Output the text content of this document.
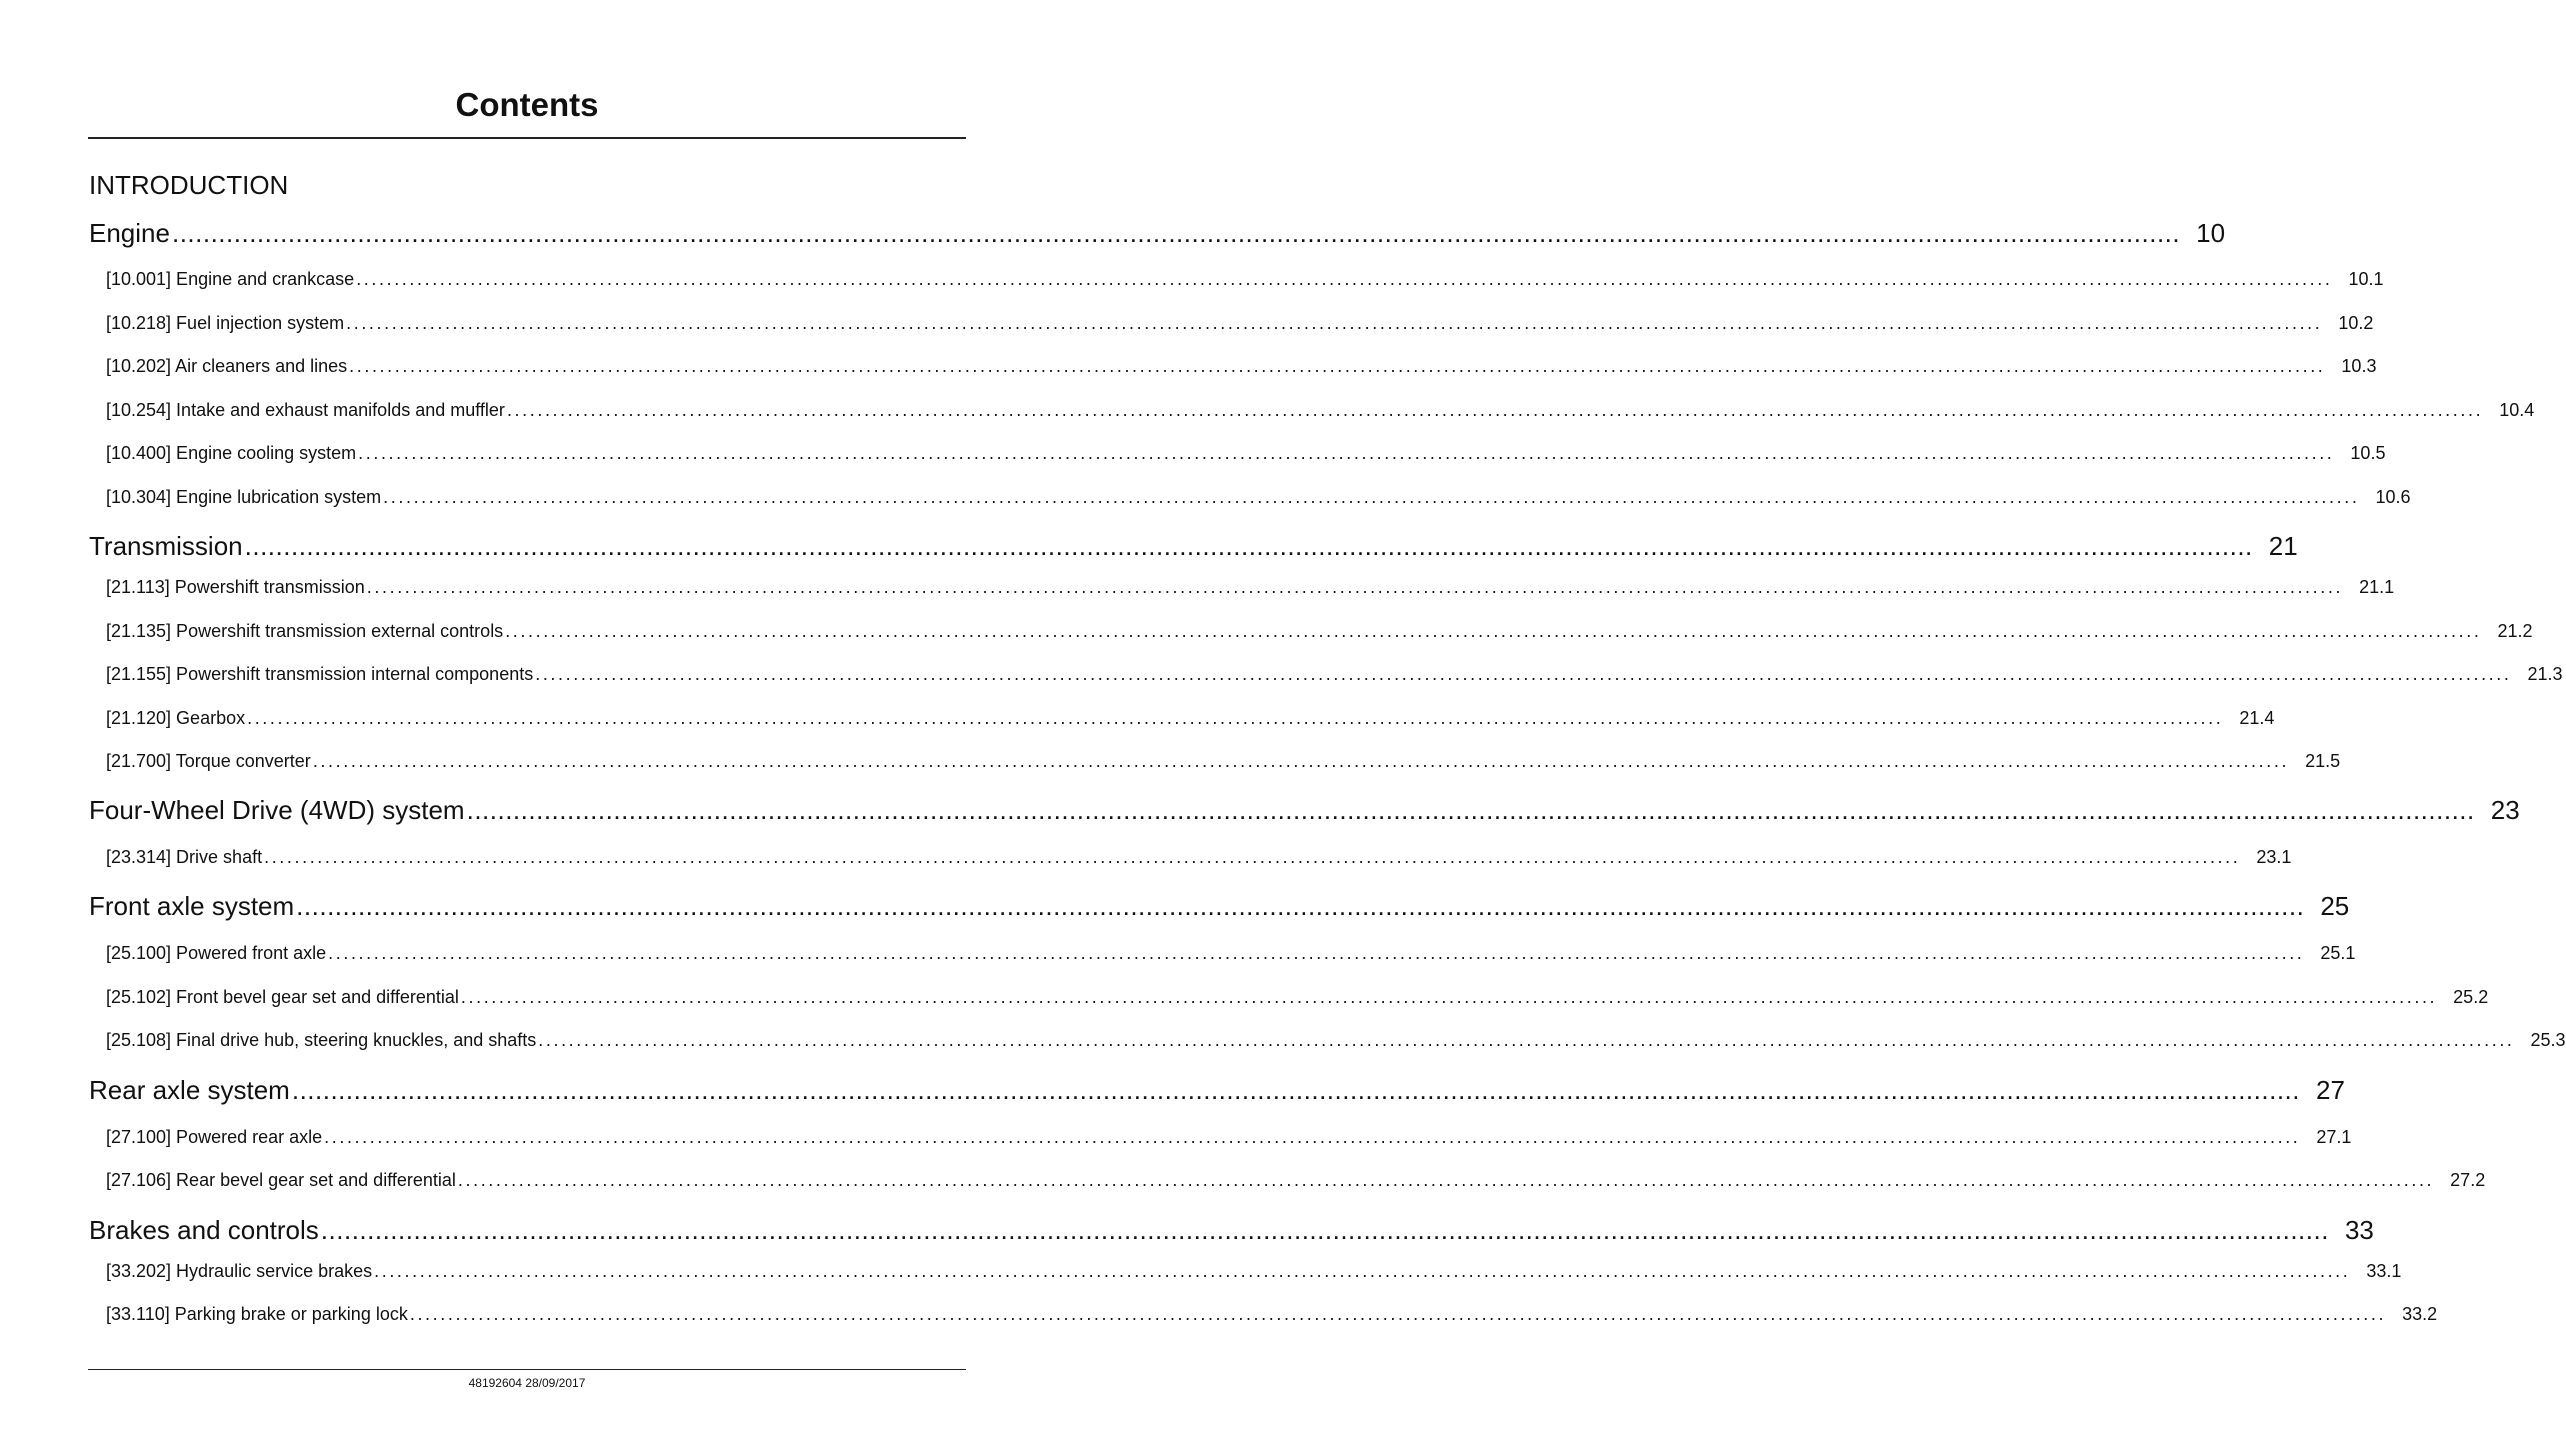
Contents
INTRODUCTION
Engine .................................................................................................................................................................................................................................................................... 10
[10.001] Engine and crankcase .................................................................................................................................................................................................................................................................... 10.1
[10.218] Fuel injection system .................................................................................................................................................................................................................................................................... 10.2
[10.202] Air cleaners and lines .................................................................................................................................................................................................................................................................... 10.3
[10.254] Intake and exhaust manifolds and muffler .................................................................................................................................................................................................................................................................... 10.4
[10.400] Engine cooling system .................................................................................................................................................................................................................................................................... 10.5
[10.304] Engine lubrication system .................................................................................................................................................................................................................................................................... 10.6
Transmission .................................................................................................................................................................................................................................................................... 21
[21.113] Powershift transmission .................................................................................................................................................................................................................................................................... 21.1
[21.135] Powershift transmission external controls .................................................................................................................................................................................................................................................................... 21.2
[21.155] Powershift transmission internal components .................................................................................................................................................................................................................................................................... 21.3
[21.120] Gearbox .................................................................................................................................................................................................................................................................... 21.4
[21.700] Torque converter .................................................................................................................................................................................................................................................................... 21.5
Four-Wheel Drive (4WD) system .................................................................................................................................................................................................................................................................... 23
[23.314] Drive shaft .................................................................................................................................................................................................................................................................... 23.1
Front axle system .................................................................................................................................................................................................................................................................... 25
[25.100] Powered front axle .................................................................................................................................................................................................................................................................... 25.1
[25.102] Front bevel gear set and differential .................................................................................................................................................................................................................................................................... 25.2
[25.108] Final drive hub, steering knuckles, and shafts .................................................................................................................................................................................................................................................................... 25.3
Rear axle system .................................................................................................................................................................................................................................................................... 27
[27.100] Powered rear axle .................................................................................................................................................................................................................................................................... 27.1
[27.106] Rear bevel gear set and differential .................................................................................................................................................................................................................................................................... 27.2
Brakes and controls .................................................................................................................................................................................................................................................................... 33
[33.202] Hydraulic service brakes .................................................................................................................................................................................................................................................................... 33.1
[33.110] Parking brake or parking lock .................................................................................................................................................................................................................................................................... 33.2
48192604 28/09/2017
